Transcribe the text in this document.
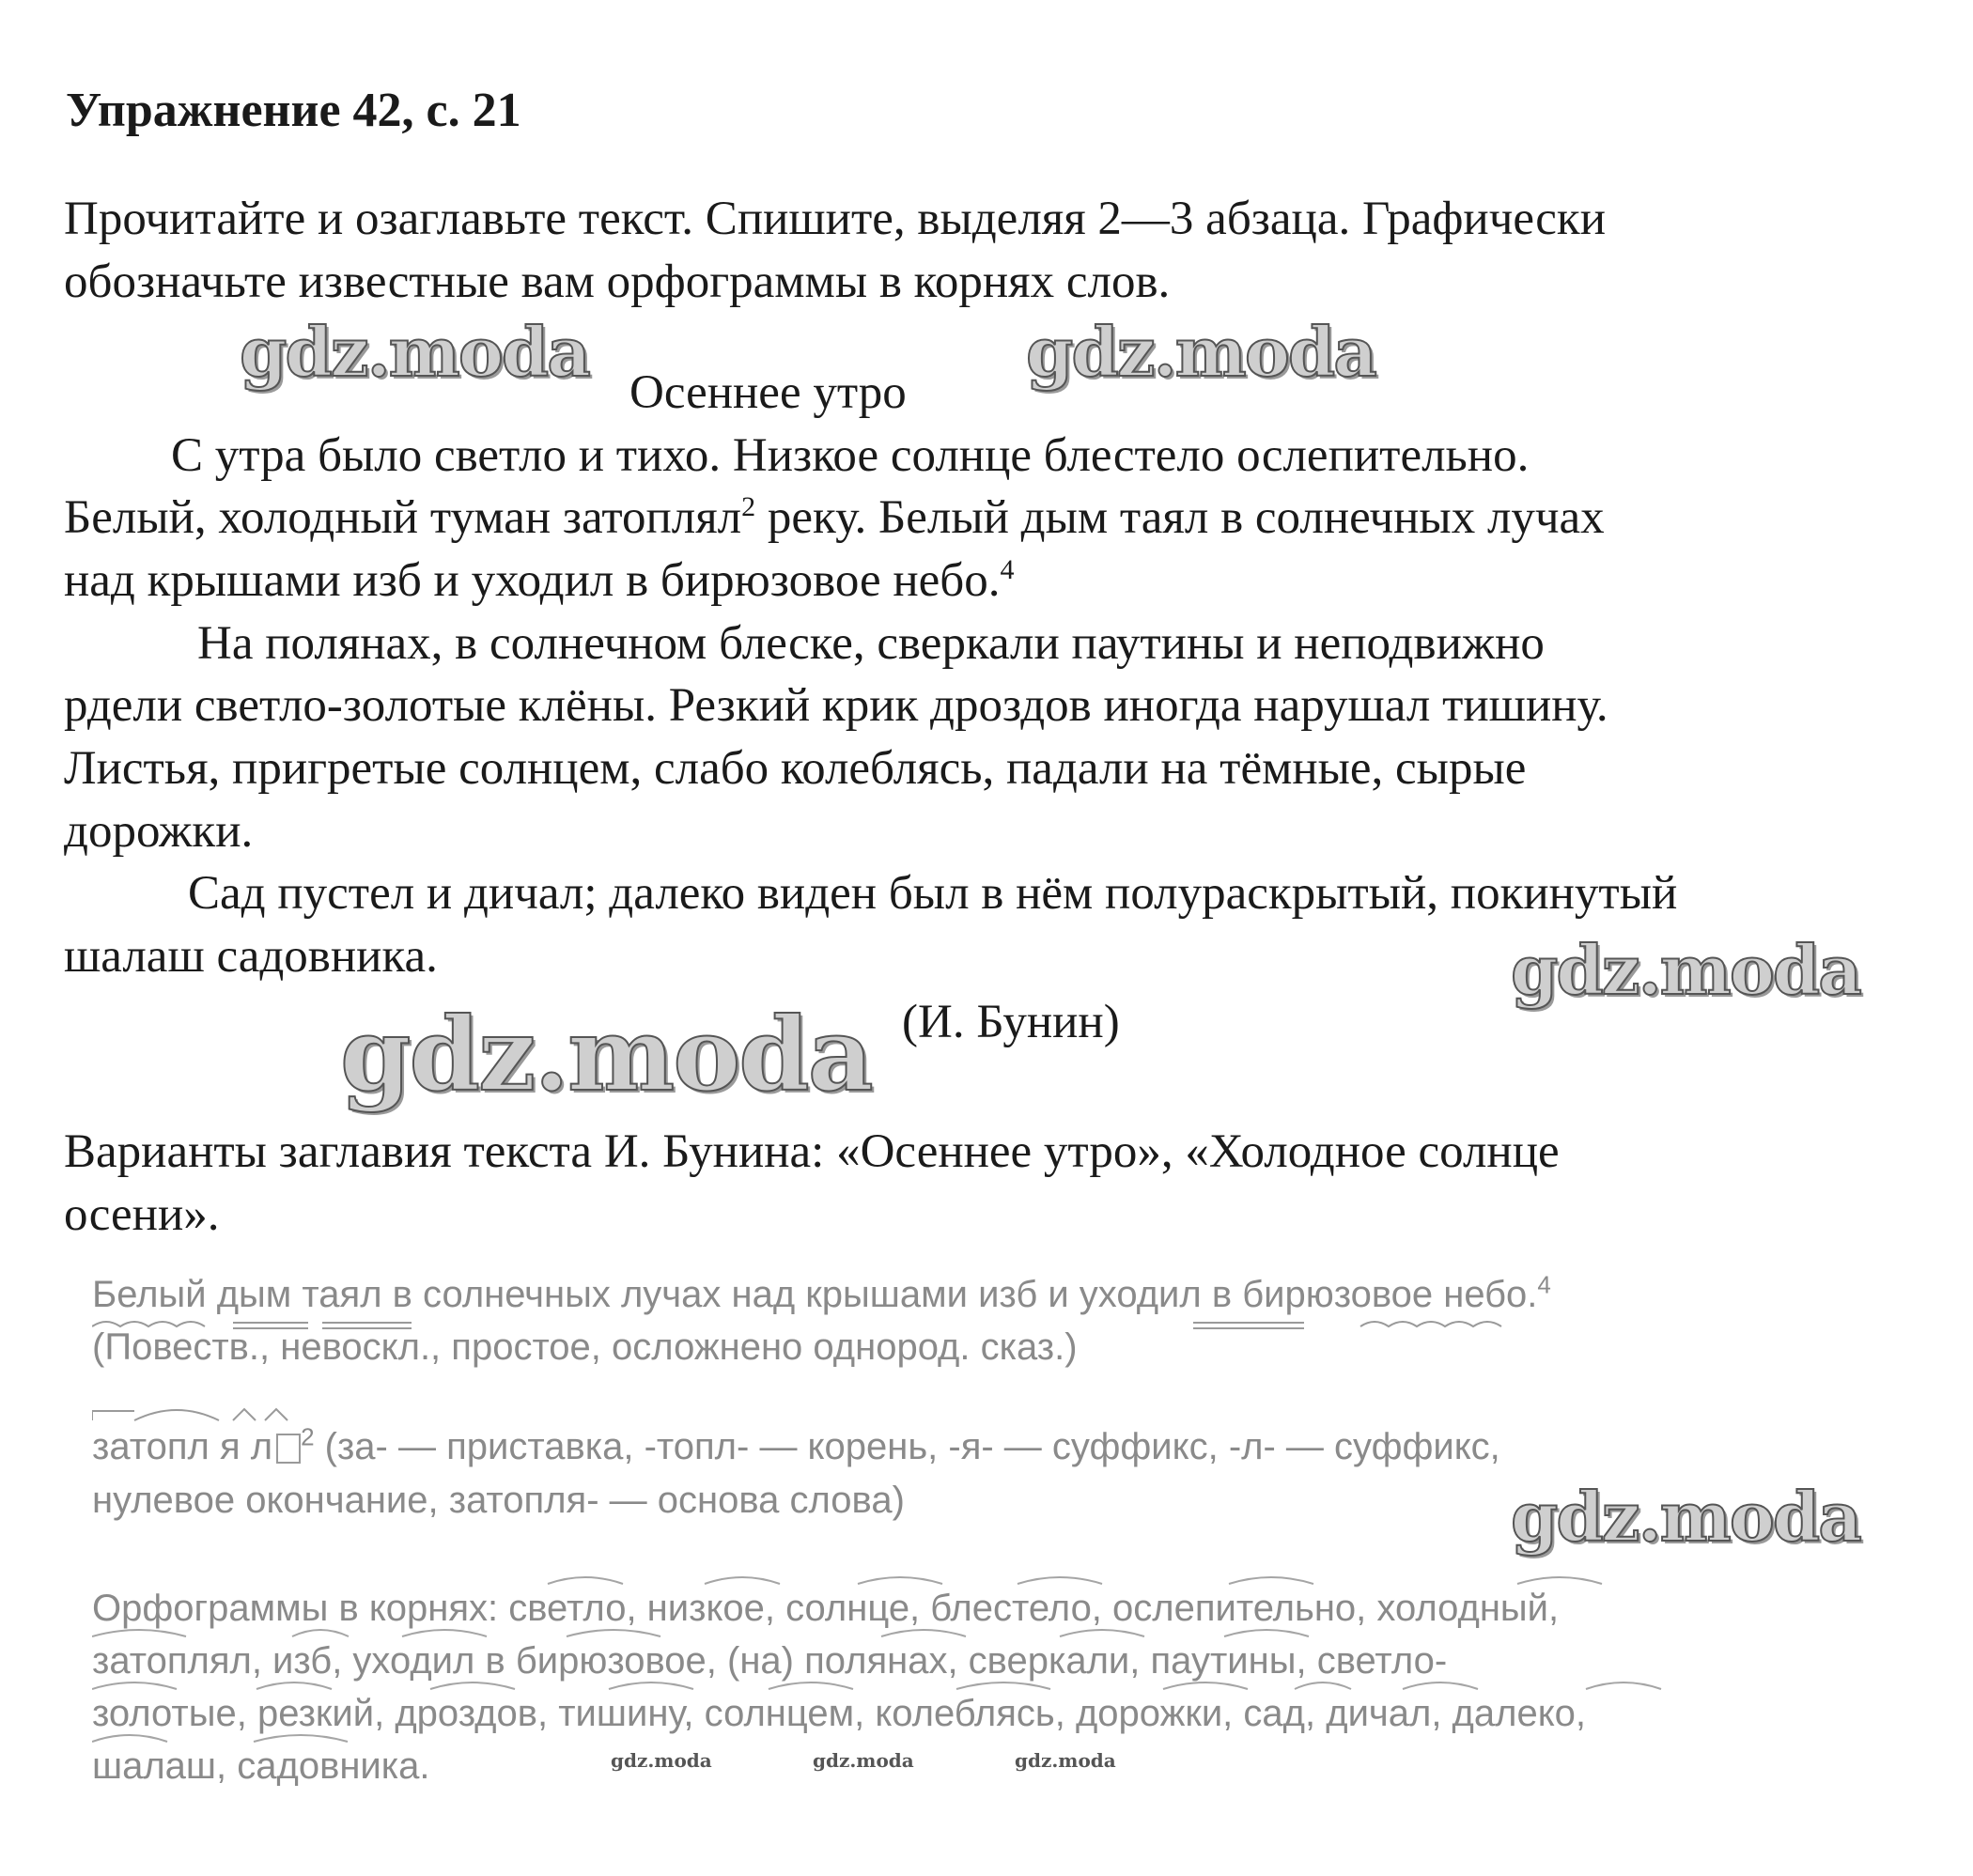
Упражнение 42, с. 21
Прочитайте и озаглавьте текст. Спишите, выделяя 2—3 абзаца. Графически
обозначьте известные вам орфограммы в корнях слов.
gdz.moda
Осеннее утро
gdz.moda
С утра было светло и тихо. Низкое солнце блестело ослепительно.
Белый, холодный туман затоплял$^2$ реку. Белый дым таял в солнечных лучах
над крышами изб и уходил в бирюзовое небо.$^4$
На полянах, в солнечном блеске, сверкали паутины и неподвижно
рдели светло-золотые клёны. Резкий крик дроздов иногда нарушал тишину.
Листья, пригретые солнцем, слабо колеблясь, падали на тёмные, сырые
дорожки.
Сад пустел и дичал; далеко виден был в нём полураскрытый, покинутый
шалаш садовника.	gdz.moda
gdz.moda (И. Бунин)
Варианты заглавия текста И. Бунина: «Осеннее утро», «Холодное солнце
осени».
Белый дым таял в солнечных лучах над крышами изб и уходил в бирюзовое небо.$^4$
(Повеств., невоскл., простое, осложнено однород. сказ.)
затопл я л $^2$ (за- — приставка, -топл- — корень, -я- — суффикс, -л- — суффикс,
нулевое окончание, затопля- — основа слова)	gdz.moda
Орфограммы в корнях: светло, низкое, солнце, блестело, ослепительно, холодный,
затоплял, изб, уходил в бирюзовое, (на) полянах, сверкали, паутины, светло-
золотые, резкий, дроздов, тишину, солнцем, колеблясь, дорожки, сад, дичал, далеко,
шалаш, садовника.	gdz.moda	gdz.moda	gdz.moda
